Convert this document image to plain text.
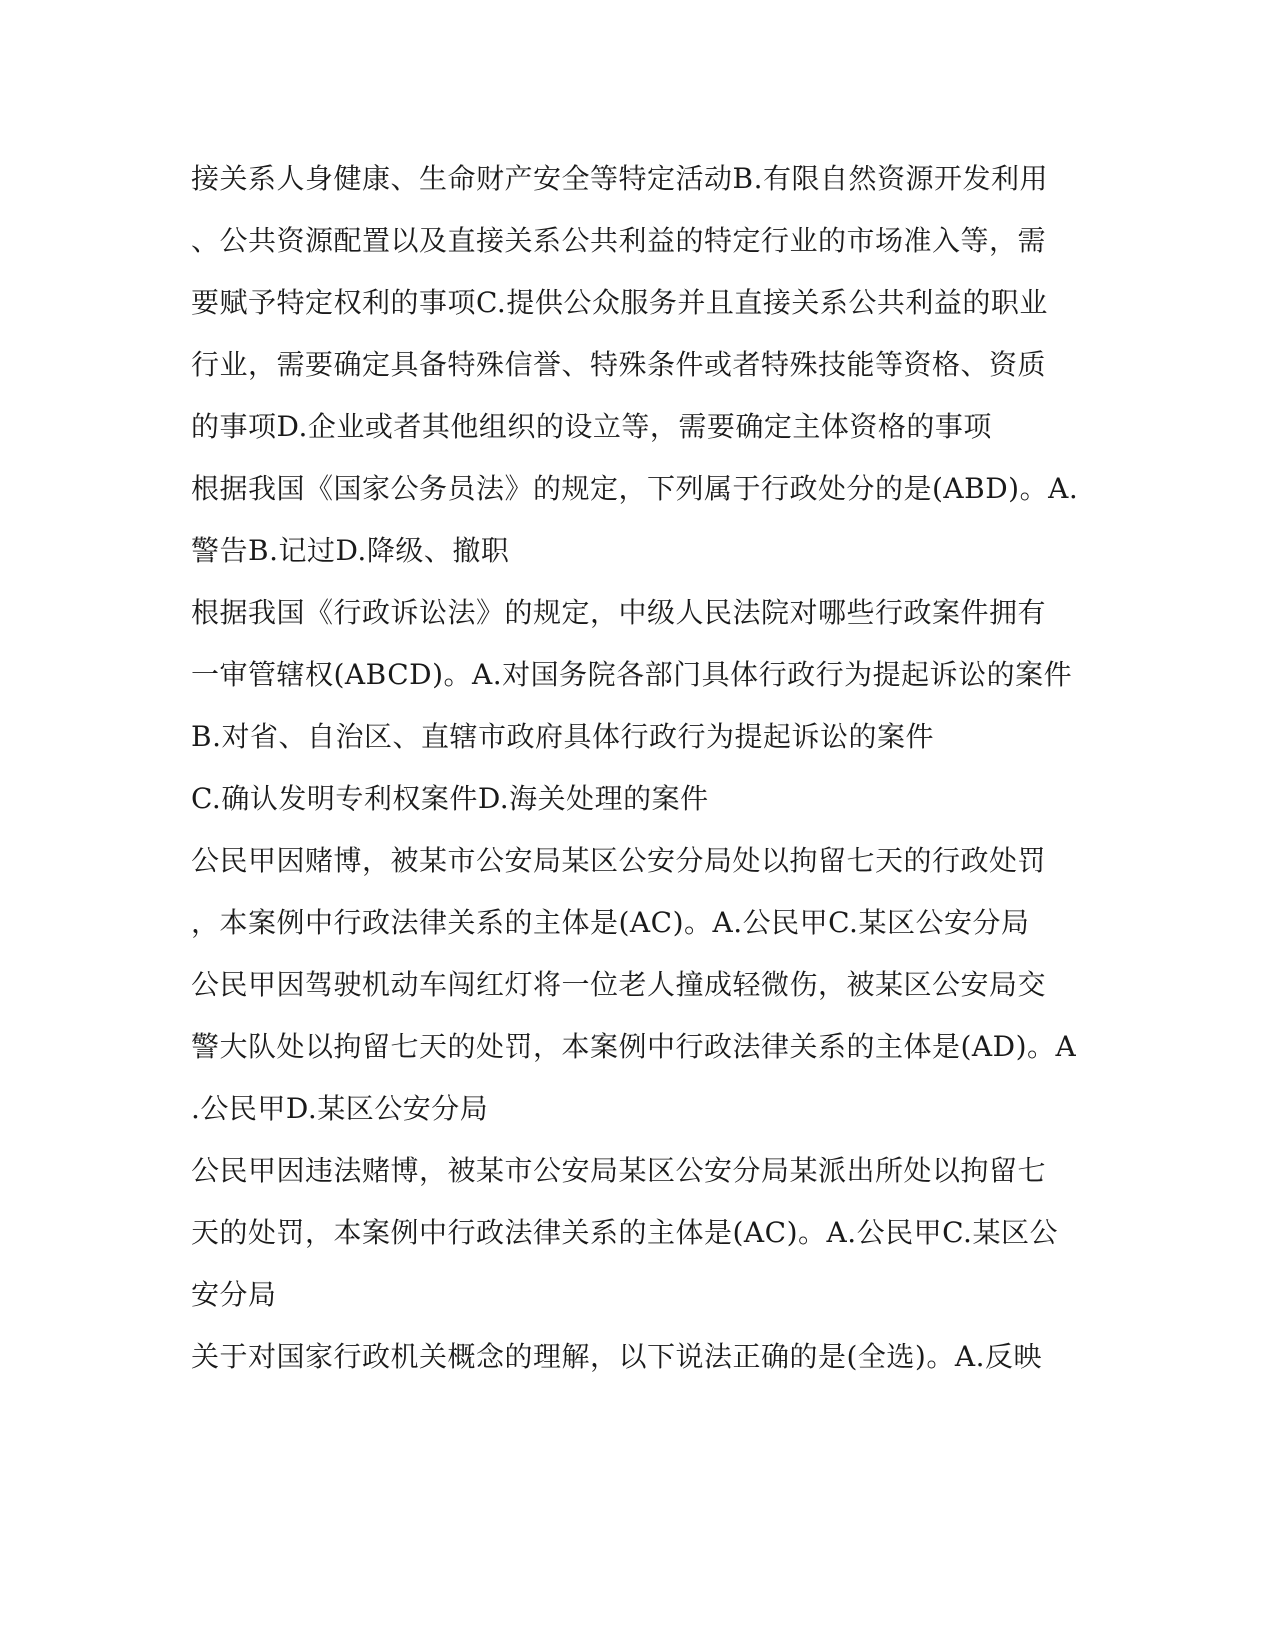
接关系人身健康、生命财产安全等特定活动B.有限自然资源开发利用
、公共资源配置以及直接关系公共利益的特定行业的市场准入等，需
要赋予特定权利的事项C.提供公众服务并且直接关系公共利益的职业
行业，需要确定具备特殊信誉、特殊条件或者特殊技能等资格、资质
的事项D.企业或者其他组织的设立等，需要确定主体资格的事项
根据我国《国家公务员法》的规定，下列属于行政处分的是(ABD)。A.
警告B.记过D.降级、撤职
根据我国《行政诉讼法》的规定，中级人民法院对哪些行政案件拥有
一审管辖权(ABCD)。A.对国务院各部门具体行政行为提起诉讼的案件
B.对省、自治区、直辖市政府具体行政行为提起诉讼的案件
C.确认发明专利权案件D.海关处理的案件
公民甲因赌博，被某市公安局某区公安分局处以拘留七天的行政处罚
，本案例中行政法律关系的主体是(AC)。A.公民甲C.某区公安分局
公民甲因驾驶机动车闯红灯将一位老人撞成轻微伤，被某区公安局交
警大队处以拘留七天的处罚，本案例中行政法律关系的主体是(AD)。A
.公民甲D.某区公安分局
公民甲因违法赌博，被某市公安局某区公安分局某派出所处以拘留七
天的处罚，本案例中行政法律关系的主体是(AC)。A.公民甲C.某区公
安分局
关于对国家行政机关概念的理解，以下说法正确的是(全选)。A.反映
